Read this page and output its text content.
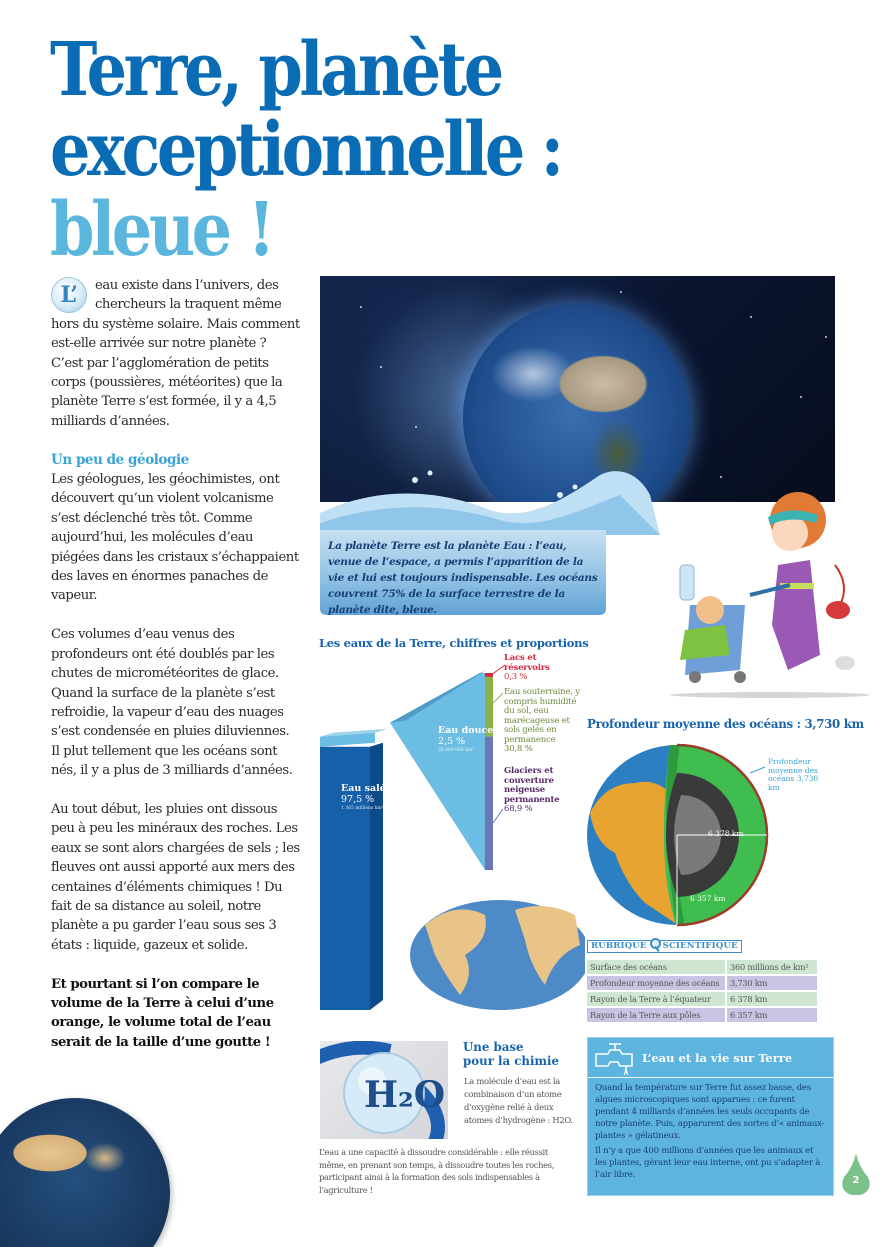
Terre, planète
exceptionnelle : bleue !

L’	eau existe dans l’univers, des chercheurs la traquent même hors du système solaire. Mais comment est-elle arrivée sur notre planète ? C’est par l’agglomération de petits corps (poussières, météorites) que la planète Terre s’est formée, il y a 4,5 milliards d’années.

Un peu de géologie

Les géologues, les géochimistes, ont découvert qu’un violent volcanisme s’est déclenché très tôt. Comme aujourd’hui, les molécules d’eau piégées dans les cristaux s’échappaient des laves en énormes panaches de vapeur.

Ces volumes d’eau venus des profondeurs ont été doublés par les chutes de micrométéorites de glace. Quand la surface de la planète s’est refroidie, la vapeur d’eau des nuages s’est condensée en pluies diluviennes. Il plut tellement que les océans sont nés, il y a plus de 3 milliards d’années.

Au tout début, les pluies ont dissous peu à peu les minéraux des roches. Les eaux se sont alors chargées de sels ; les fleuves ont aussi apporté aux mers des centaines d’éléments chimiques ! Du fait de sa distance au soleil, notre planète a pu garder l’eau sous ses 3 états : liquide, gazeux et solide.

Et pourtant si l’on compare le volume de la Terre à celui d’une orange, le volume total de l’eau serait de la taille d’une goutte !

La planète Terre est la planète Eau : l’eau, venue de l’espace, a permis l’apparition de la vie et lui est toujours indispensable. Les océans couvrent 75% de la surface terrestre de la planète dite, bleue.
Les eaux de la Terre, chiffres et proportions
Eau salée
97,5 %
1 365 millions km³
Eau douce
2,5 %
35 000 000 km³
Lacs et réservoirs
0,3 %
Eau souterraine, y compris humidité du sol, eau marécageuse et sols gelés en permanence
30,8 %
Glaciers et couverture neigeuse permanente
68,9 %
Profondeur moyenne des océans : 3,730 km
6 378 km
6 357 km
Profondeur moyenne des océans 3,730 km
RUBRIQUE SCIENTIFIQUE
Surface des océans	360 millions de km²
Profondeur moyenne des océans	3,730 km
Rayon de la Terre à l’équateur	6 378 km
Rayon de la Terre aux pôles	6 357 km
H₂O
Une base
pour la chimie
La molécule d’eau est la combinaison d’un atome d’oxygène relié à deux atomes d’hydrogène : H2O.
L’eau a une capacité à dissoudre considérable : elle réussit même, en prenant son temps, à dissoudre toutes les roches, participant ainsi à la formation des sols indispensables à l’agriculture !
L’eau et la vie sur Terre

Quand la température sur Terre fut assez basse, des algues microscopiques sont apparues : ce furent pendant 4 milliards d’années les seuls occupants de notre planète. Puis, apparurent des sortes d’« animaux-plantes » gélatineux.

Il n’y a que 400 millions d’années que les animaux et les plantes, gérant leur eau interne, ont pu s’adapter à l’air libre.	2
